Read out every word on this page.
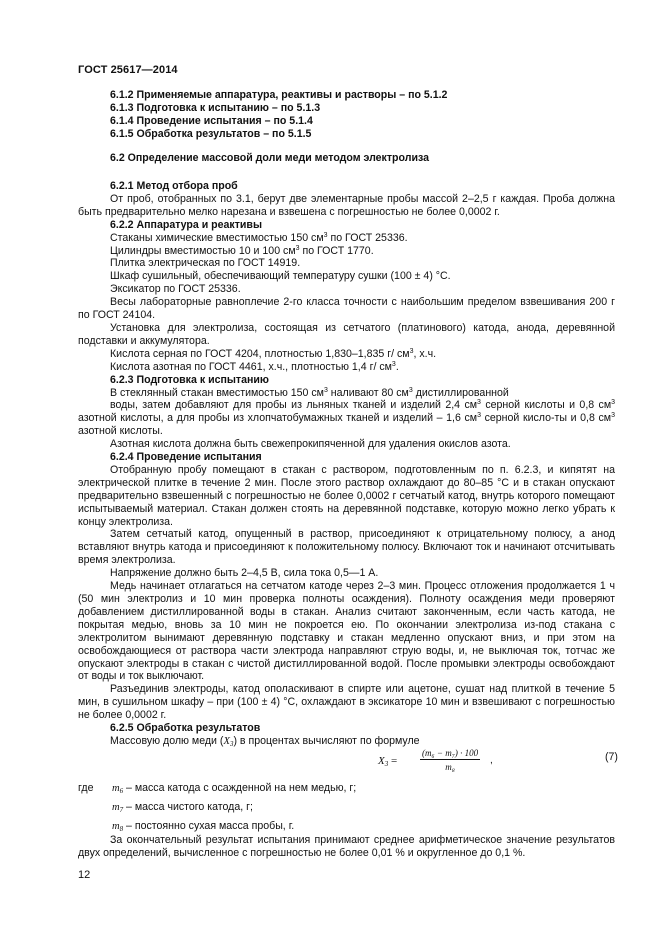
ГОСТ 25617—2014

6.1.2 Применяемые аппаратура, реактивы и растворы – по 5.1.2

6.1.3 Подготовка к испытанию – по 5.1.3

6.1.4 Проведение испытания – по 5.1.4

6.1.5 Обработка результатов – по 5.1.5

6.2 Определение массовой доли меди методом электролиза

6.2.1 Метод отбора проб

От проб, отобранных по 3.1, берут две элементарные пробы массой 2–2,5 г каждая. Проба должна быть предварительно мелко нарезана и взвешена с погрешностью не более 0,0002 г.

6.2.2 Аппаратура и реактивы

Стаканы химические вместимостью 150 $см^3$ по ГОСТ 25336.

Цилиндры вместимостью 10 и 100 $см^3$ по ГОСТ 1770.

Плитка электрическая по ГОСТ 14919.

Шкаф сушильный, обеспечивающий температуру сушки (100 ± 4) °С.

Эксикатор по ГОСТ 25336.

Весы лабораторные равноплечие 2-го класса точности с наибольшим пределом взвешивания 200 г по ГОСТ 24104.

Установка для электролиза, состоящая из сетчатого (платинового) катода, анода, деревянной подставки и аккумулятора.

Кислота серная по ГОСТ 4204, плотностью 1,830–1,835 г/ $см^3$, х.ч.

Кислота азотная по ГОСТ 4461, х.ч., плотностью 1,4 г/ $см^3$.

6.2.3 Подготовка к испытанию

В стеклянный стакан вместимостью 150 $см^3$ наливают 80 $см^3$ дистиллированной

воды, затем добавляют для пробы из льняных тканей и изделий 2,4 $см^3$ серной кислоты и 0,8 $см^3$ азотной кислоты, а для пробы из хлопчатобумажных тканей и изделий – 1,6 $см^3$ серной кисло-ты и 0,8 $см^3$ азотной кислоты.

Азотная кислота должна быть свежепрокипяченной для удаления окислов азота.

6.2.4 Проведение испытания

Отобранную пробу помещают в стакан с раствором, подготовленным по п. 6.2.3, и кипятят на электрической плитке в течение 2 мин. После этого раствор охлаждают до 80–85 °С и в стакан опускают предварительно взвешенный с погрешностью не более 0,0002 г сетчатый катод, внутрь которого помещают испытываемый материал. Стакан должен стоять на деревянной подставке, которую можно легко убрать к концу электролиза.

Затем сетчатый катод, опущенный в раствор, присоединяют к отрицательному полюсу, а анод вставляют внутрь катода и присоединяют к положительному полюсу. Включают ток и начинают отсчитывать время электролиза.

Напряжение должно быть 2–4,5 В, сила тока 0,5—1 А.

Медь начинает отлагаться на сетчатом катоде через 2–3 мин. Процесс отложения продолжается 1 ч (50 мин электролиз и 10 мин проверка полноты осаждения). Полноту осаждения меди проверяют добавлением дистиллированной воды в стакан. Анализ считают законченным, если часть катода, не покрытая медью, вновь за 10 мин не покроется ею. По окончании электролиза из-под стакана с электролитом вынимают деревянную подставку и стакан медленно опускают вниз, и при этом на освобождающиеся от раствора части электрода направляют струю воды, и, не выключая ток, тотчас же опускают электроды в стакан с чистой дистиллированной водой. После промывки электроды освобождают от воды и ток выключают.

Разъединив электроды, катод ополаскивают в спирте или ацетоне, сушат над плиткой в течение 5 мин, в сушильном шкафу – при (100 ± 4) °С, охлаждают в эксикаторе 10 мин и взвешивают с погрешностью не более 0,0002 г.

6.2.5 Обработка результатов

Массовую долю меди $(X_3)$ в процентах вычисляют по формуле

$X_3$ =	$\frac{\text{(m₆ − m₇) · 100}}{\text{m₈}}$ ,	(7)
где $m_6$ – масса катода с осажденной на нем медью, г;
$m_7$ – масса чистого катода, г;
$m_8$ – постоянно сухая масса пробы, г.

За окончательный результат испытания принимают среднее арифметическое значение результатов двух определений, вычисленное с погрешностью не более 0,01 % и округленное до 0,1 %.

12
